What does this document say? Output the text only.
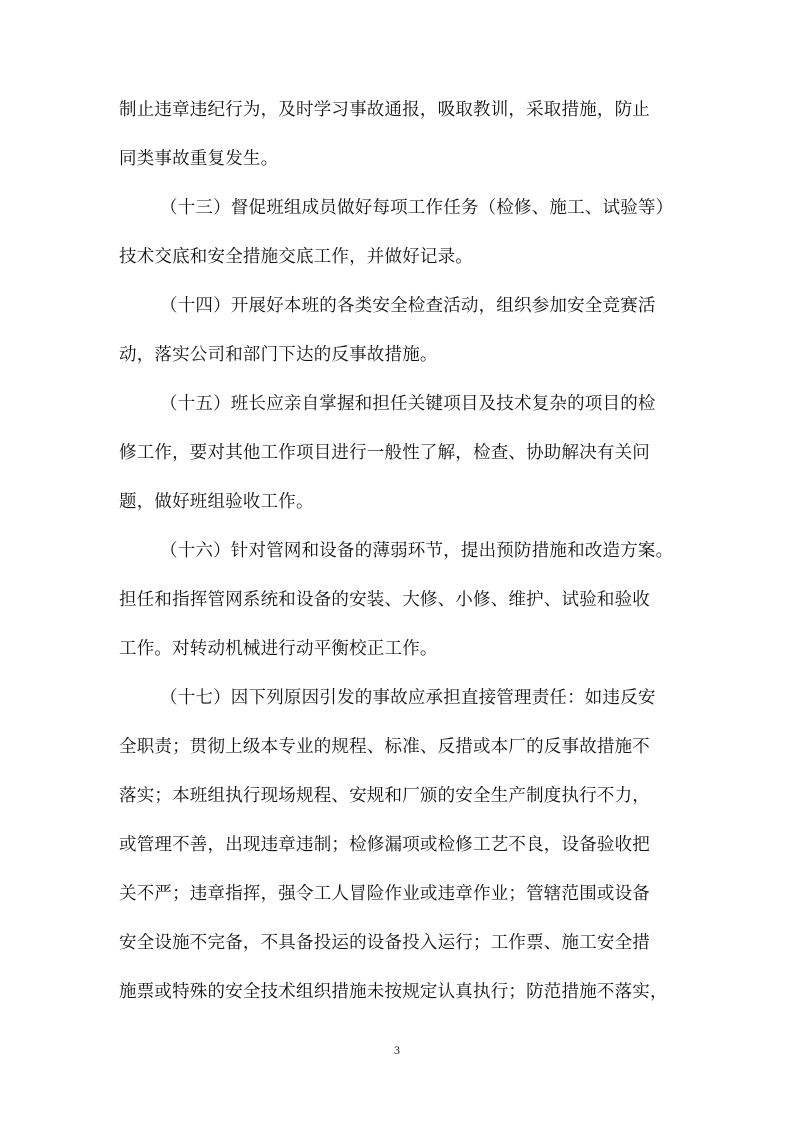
制止违章违纪行为，及时学习事故通报，吸取教训，采取措施，防止
同类事故重复发生。
（十三）督促班组成员做好每项工作任务（检修、施工、试验等）
技术交底和安全措施交底工作，并做好记录。
（十四）开展好本班的各类安全检查活动，组织参加安全竞赛活
动，落实公司和部门下达的反事故措施。
（十五）班长应亲自掌握和担任关键项目及技术复杂的项目的检
修工作，要对其他工作项目进行一般性了解，检查、协助解决有关问
题，做好班组验收工作。
（十六）针对管网和设备的薄弱环节，提出预防措施和改造方案。
担任和指挥管网系统和设备的安装、大修、小修、维护、试验和验收
工作。对转动机械进行动平衡校正工作。
（十七）因下列原因引发的事故应承担直接管理责任：如违反安
全职责；贯彻上级本专业的规程、标准、反措或本厂的反事故措施不
落实；本班组执行现场规程、安规和厂颁的安全生产制度执行不力，
或管理不善，出现违章违制；检修漏项或检修工艺不良，设备验收把
关不严；违章指挥，强令工人冒险作业或违章作业；管辖范围或设备
安全设施不完备，不具备投运的设备投入运行；工作票、施工安全措
施票或特殊的安全技术组织措施未按规定认真执行；防范措施不落实，
3
